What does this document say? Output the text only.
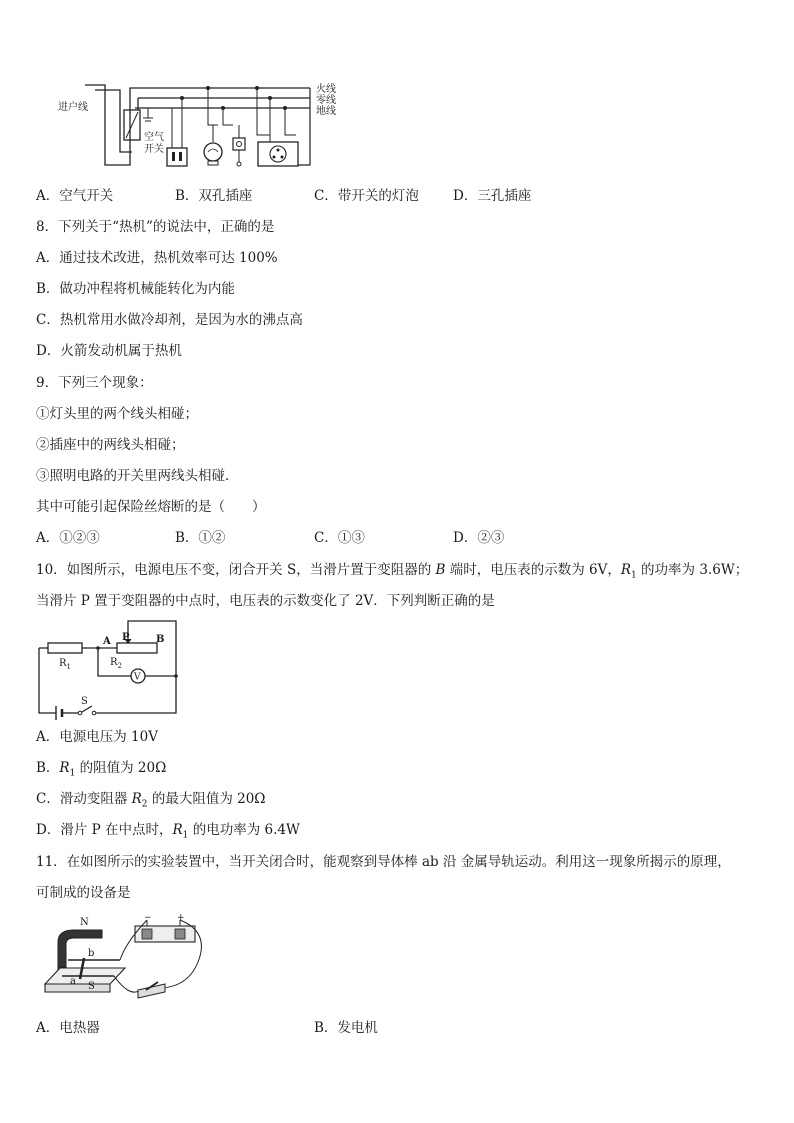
进户线
空气
开关
火线
零线
地线
A．空气开关	B．双孔插座	C．带开关的灯泡	D．三孔插座
8．下列关于“热机”的说法中，正确的是
A．通过技术改进，热机效率可达 100%
B．做功冲程将机械能转化为内能
C．热机常用水做冷却剂，是因为水的沸点高
D．火箭发动机属于热机
9．下列三个现象：
①灯头里的两个线头相碰；
②插座中的两线头相碰；
③照明电路的开关里两线头相碰．
其中可能引起保险丝熔断的是（　　）
A．①②③	B．①②	C．①③	D．②③
10．如图所示，电源电压不变，闭合开关 S，当滑片置于变阻器的 B 端时，电压表的示数为 6V，$R_1$ 的功率为 3.6W；
当滑片 P 置于变阻器的中点时，电压表的示数变化了 2V．下列判断正确的是
$R_1$	$R_2$
A P	B
V
S
A．电源电压为 10V
B．$R_1$ 的阻值为 20Ω
C．滑动变阻器 $R_2$ 的最大阻值为 20Ω
D．滑片 P 在中点时，$R_1$ 的电功率为 6.4W
11．在如图所示的实验装置中，当开关闭合时，能观察到导体棒 ab 沿 金属导轨运动。利用这一现象所揭示的原理，
可制成的设备是
N
S
a
b
−	+
A．电热器	B．发电机
